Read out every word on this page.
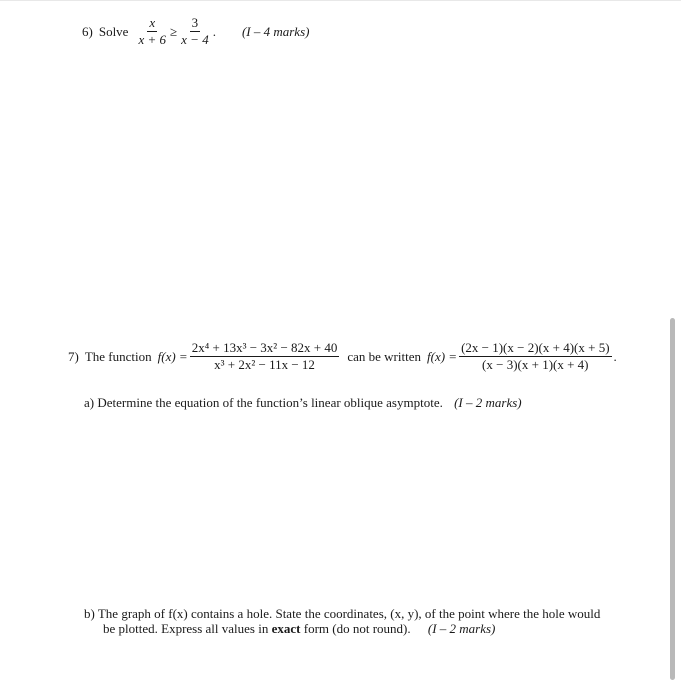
6) Solve $\frac{x}{x + 6} \ge \frac{3}{x - 4}$ . (I – 4 marks)
7) The function $f(x) = \frac{\text{2x⁴ + 13x³ − 3x² − 82x + 40}}{\text{x³ + 2x² − 11x − 12}}$ can be written $f(x) = \frac{(2x - 1)(x - 2)(x + 4)(x + 5)}{(x - 3)(x + 1)(x + 4)}$ .
a) Determine the equation of the function’s linear oblique asymptote. (I – 2 marks)
b) The graph of f(x) contains a hole. State the coordinates, (x, y), of the point where the hole would
be plotted. Express all values in exact form (do not round). (I – 2 marks)
